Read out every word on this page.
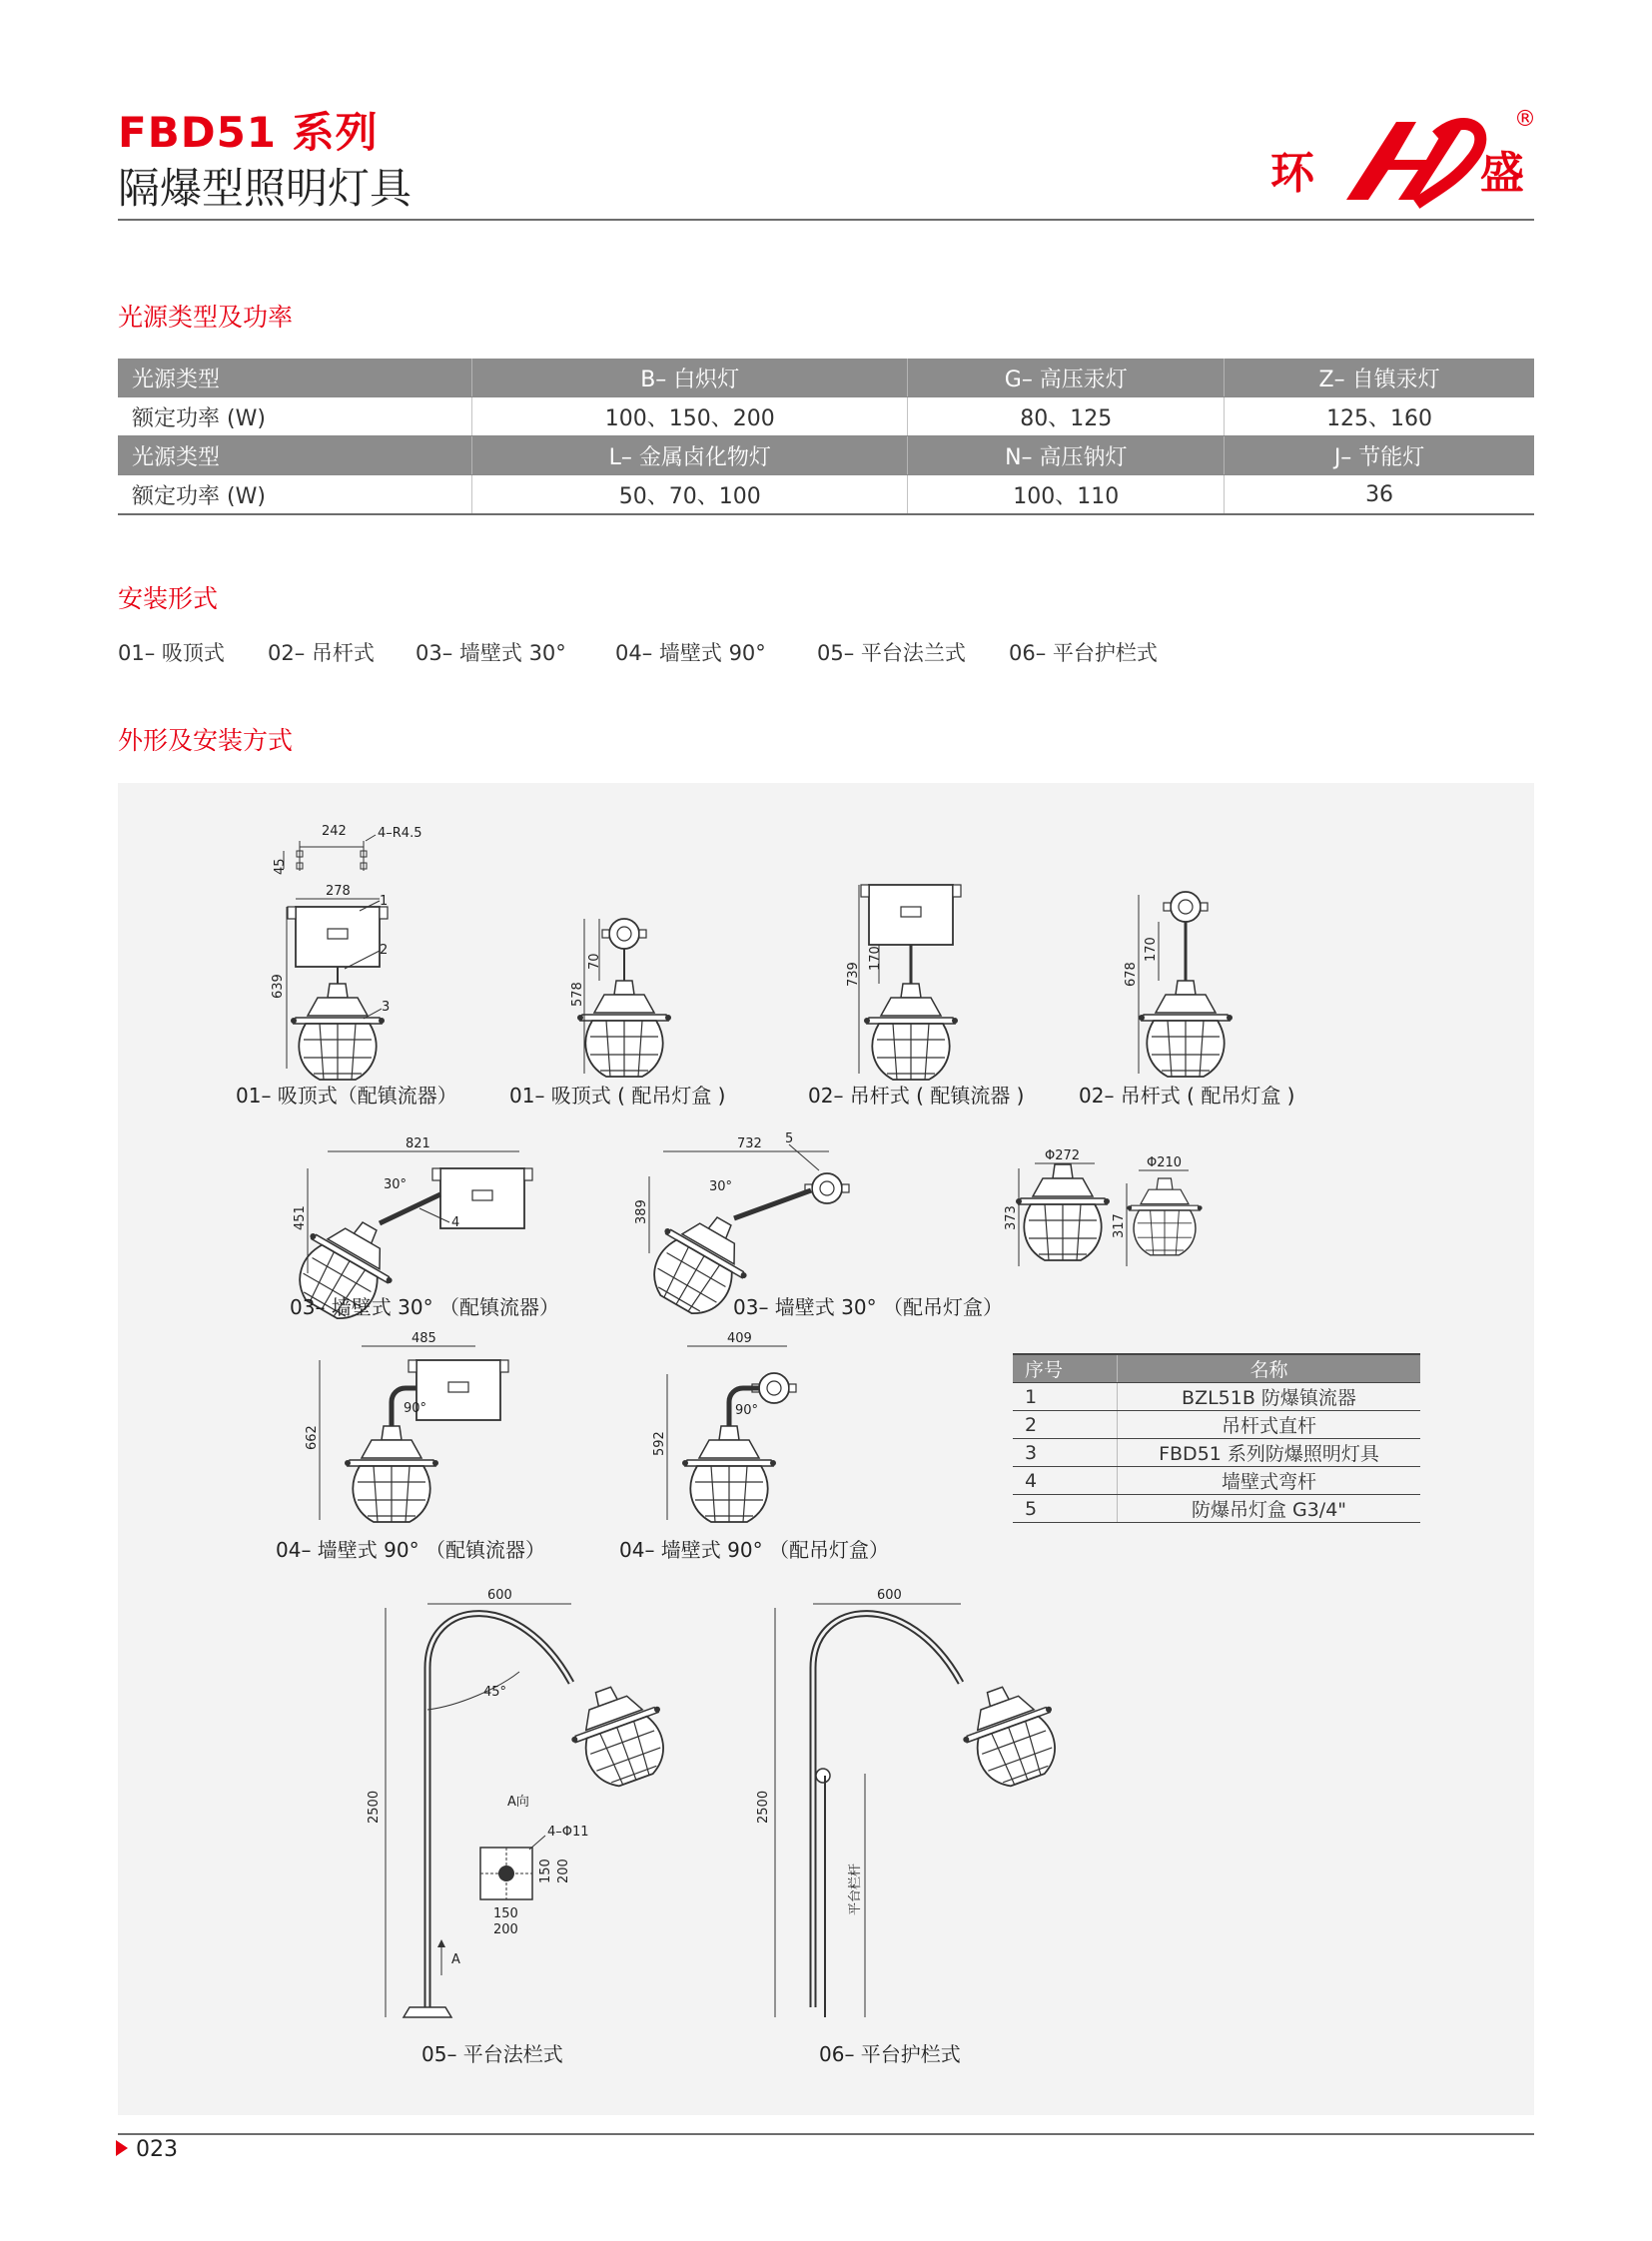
FBD51 系列
隔爆型照明灯具	环	盛
®
光源类型及功率
光源类型	B– 白炽灯	G– 高压汞灯	Z– 自镇汞灯
额定功率 (W)	100、150、200	80、125	125、160
光源类型	L– 金属卤化物灯	N– 高压钠灯	J– 节能灯
额定功率 (W)	50、70、100	100、110	36
安装形式
01– 吸顶式 02– 吊杆式 03– 墙壁式 30° 04– 墙壁式 90° 05– 平台法兰式 06– 平台护栏式
外形及安装方式
242
45
4–R4.5
278
639
1
2
3
578
70
739
170
678
170
821
451
30°
4
732
389
30°
5
Φ272
373
Φ210
317
485
662
90°
409
592
90°
600
2500
45°
A向
4–Φ11
150
200
150 200
A
600
2500
平台栏杆
01– 吸顶式（配镇流器）	01– 吸顶式 ( 配吊灯盒 )	02– 吊杆式 ( 配镇流器 )	02– 吊杆式 ( 配吊灯盒 )
03– 墙壁式 30° （配镇流器）	03– 墙壁式 30° （配吊灯盒）
04– 墙壁式 90° （配镇流器）	04– 墙壁式 90° （配吊灯盒）
05– 平台法栏式	06– 平台护栏式
序号	名称
1	BZL51B 防爆镇流器
2	吊杆式直杆
3	FBD51 系列防爆照明灯具
4	墙壁式弯杆
5	防爆吊灯盒 G3/4"
023
